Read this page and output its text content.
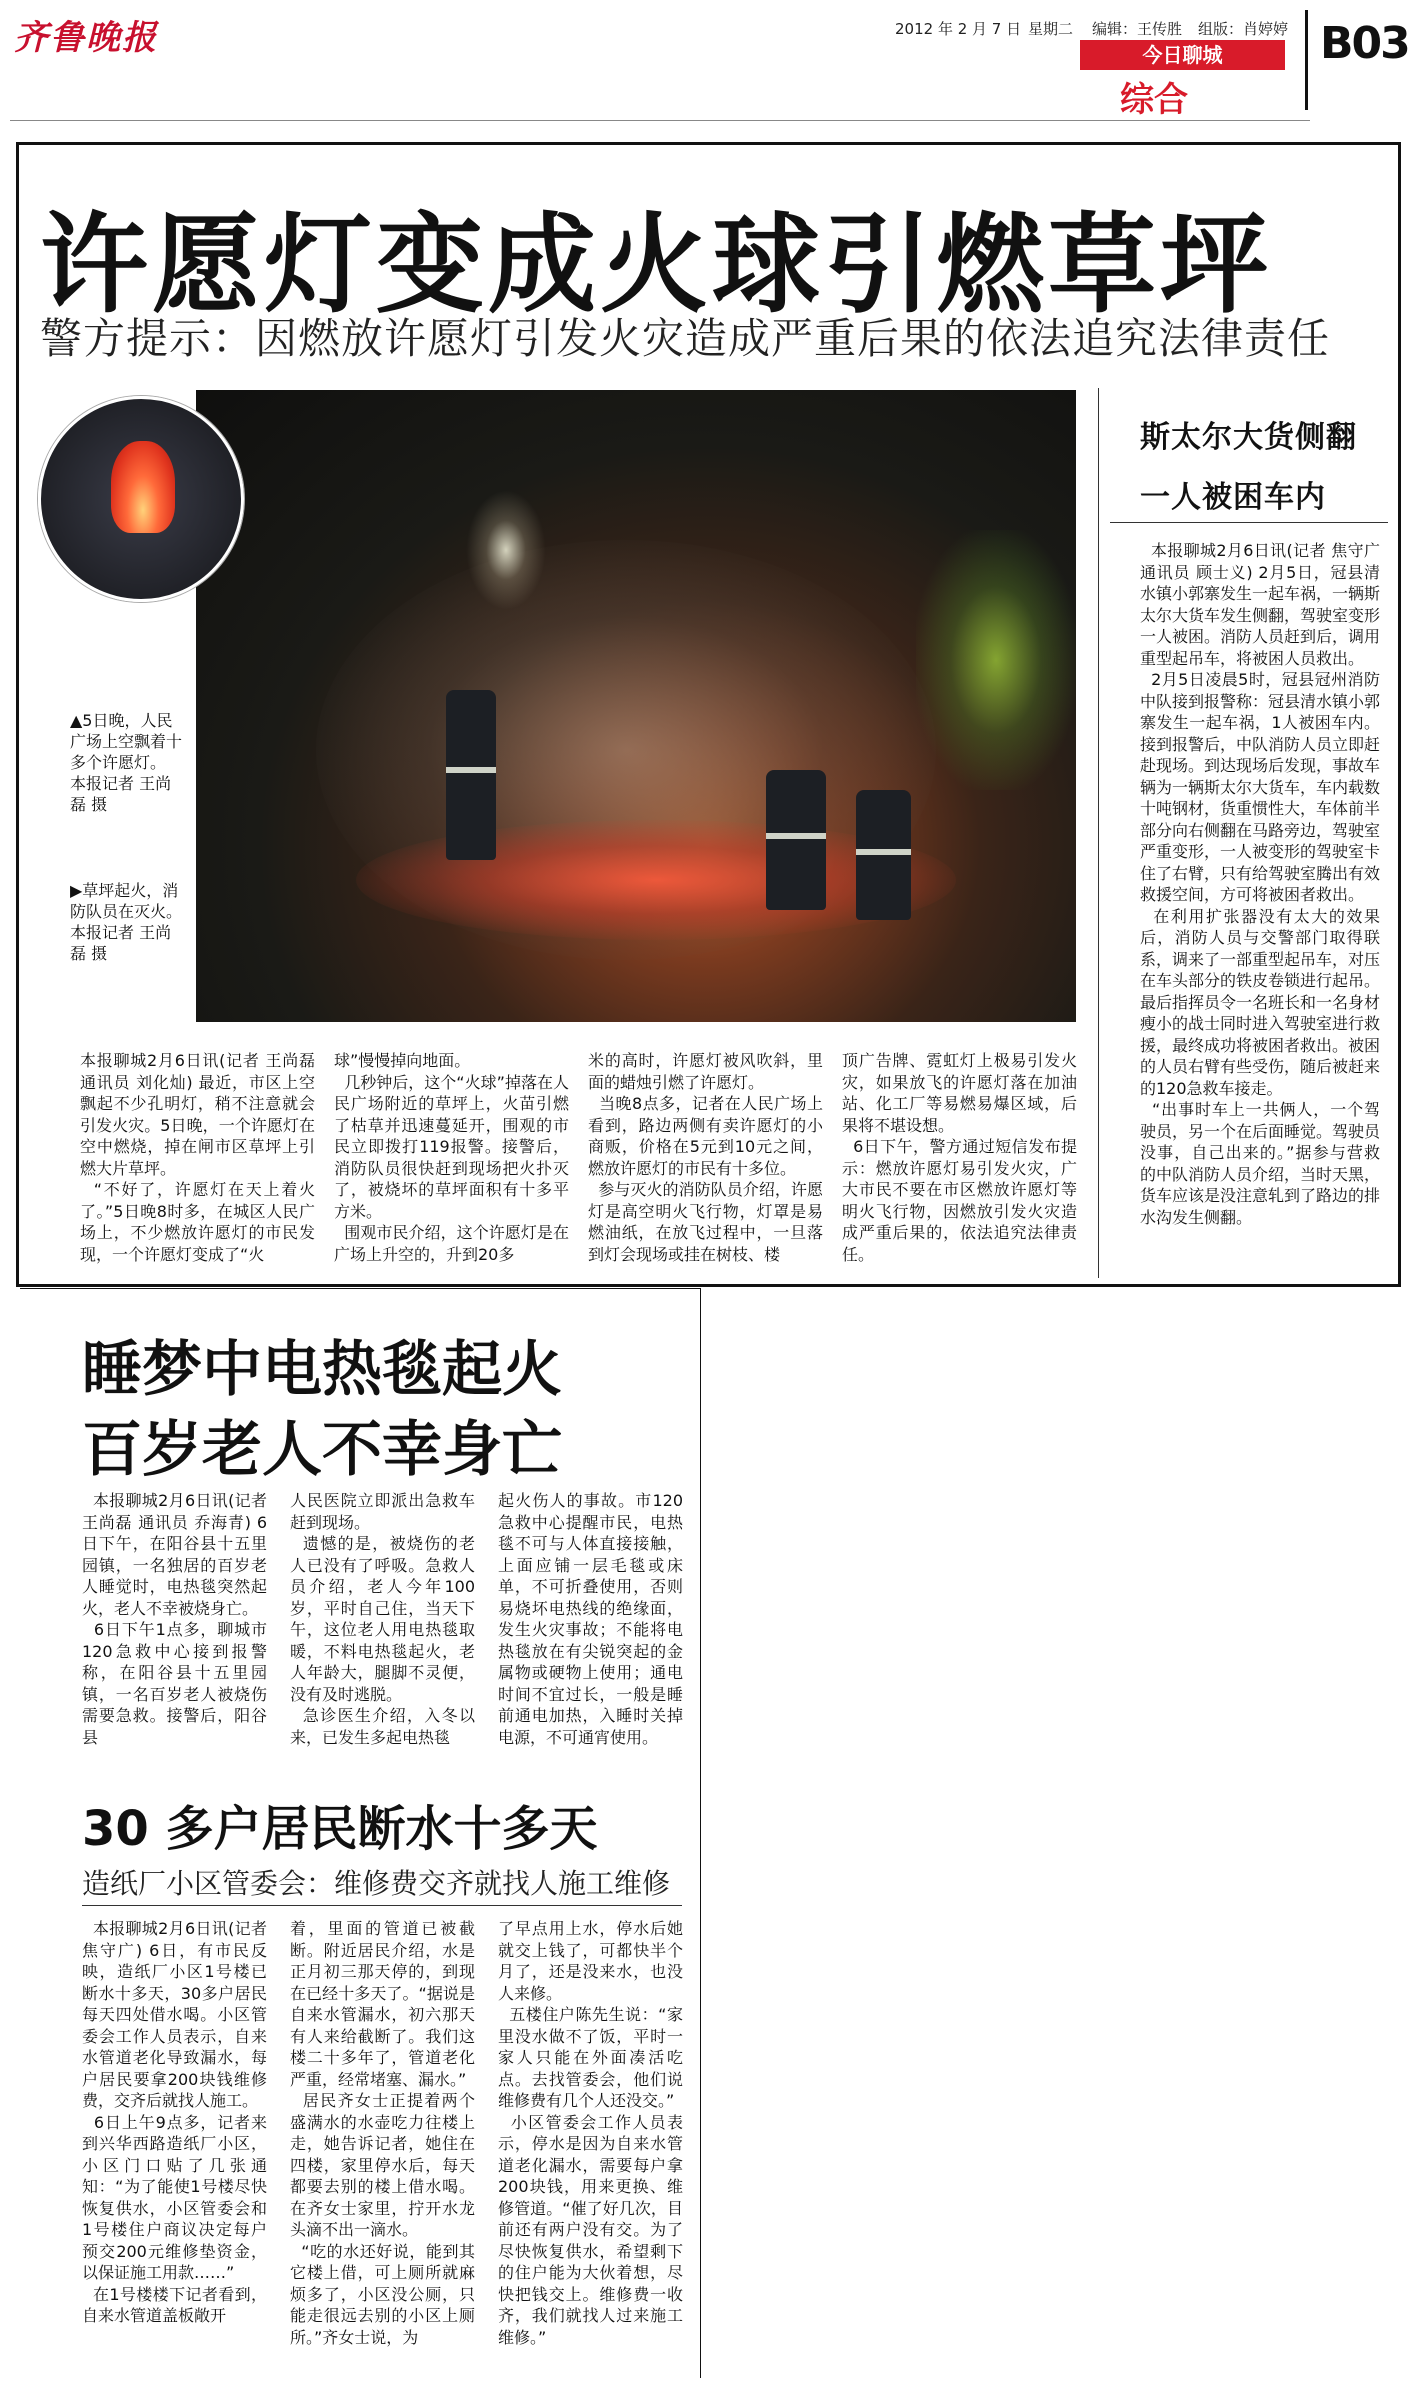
齐鲁晚报	2012 年 2 月 7 日 星期二 编辑：王传胜 组版：肖婷婷
今日聊城
综合
B03
许愿灯变成火球引燃草坪
警方提示：因燃放许愿灯引发火灾造成严重后果的依法追究法律责任
▲5日晚，人民广场上空飘着十多个许愿灯。
本报记者 王尚磊 摄
▶草坪起火，消防队员在灭火。
本报记者 王尚磊 摄
本报聊城2月6日讯(记者 王尚磊 通讯员 刘化灿) 最近，市区上空飘起不少孔明灯，稍不注意就会引发火灾。5日晚，一个许愿灯在空中燃烧，掉在闸市区草坪上引燃大片草坪。
“不好了，许愿灯在天上着火了。”5日晚8时多，在城区人民广场上，不少燃放许愿灯的市民发现，一个许愿灯变成了“火
球”慢慢掉向地面。
几秒钟后，这个“火球”掉落在人民广场附近的草坪上，火苗引燃了枯草并迅速蔓延开，围观的市民立即拨打119报警。接警后，消防队员很快赶到现场把火扑灭了，被烧坏的草坪面积有十多平方米。
围观市民介绍，这个许愿灯是在广场上升空的，升到20多
米的高时，许愿灯被风吹斜，里面的蜡烛引燃了许愿灯。
当晚8点多，记者在人民广场上看到，路边两侧有卖许愿灯的小商贩，价格在5元到10元之间，燃放许愿灯的市民有十多位。
参与灭火的消防队员介绍，许愿灯是高空明火飞行物，灯罩是易燃油纸，在放飞过程中，一旦落到灯会现场或挂在树枝、楼
顶广告牌、霓虹灯上极易引发火灾，如果放飞的许愿灯落在加油站、化工厂等易燃易爆区域，后果将不堪设想。
6日下午，警方通过短信发布提示：燃放许愿灯易引发火灾，广大市民不要在市区燃放许愿灯等明火飞行物，因燃放引发火灾造成严重后果的，依法追究法律责任。
斯太尔大货侧翻
一人被困车内
本报聊城2月6日讯(记者 焦守广 通讯员 顾士义) 2月5日，冠县清水镇小郭寨发生一起车祸，一辆斯太尔大货车发生侧翻，驾驶室变形一人被困。消防人员赶到后，调用重型起吊车，将被困人员救出。
2月5日凌晨5时，冠县冠州消防中队接到报警称：冠县清水镇小郭寨发生一起车祸，1人被困车内。接到报警后，中队消防人员立即赶赴现场。到达现场后发现，事故车辆为一辆斯太尔大货车，车内载数十吨钢材，货重惯性大，车体前半部分向右侧翻在马路旁边，驾驶室严重变形，一人被变形的驾驶室卡住了右臂，只有给驾驶室腾出有效救援空间，方可将被困者救出。
在利用扩张器没有太大的效果后，消防人员与交警部门取得联系，调来了一部重型起吊车，对压在车头部分的铁皮卷锁进行起吊。最后指挥员令一名班长和一名身材瘦小的战士同时进入驾驶室进行救援，最终成功将被困者救出。被困的人员右臂有些受伤，随后被赶来的120急救车接走。
“出事时车上一共俩人，一个驾驶员，另一个在后面睡觉。驾驶员没事，自己出来的。”据参与营救的中队消防人员介绍，当时天黑，货车应该是没注意轧到了路边的排水沟发生侧翻。
睡梦中电热毯起火
百岁老人不幸身亡
本报聊城2月6日讯(记者 王尚磊 通讯员 乔海青) 6日下午，在阳谷县十五里园镇，一名独居的百岁老人睡觉时，电热毯突然起火，老人不幸被烧身亡。
6日下午1点多，聊城市120急救中心接到报警称，在阳谷县十五里园镇，一名百岁老人被烧伤需要急救。接警后，阳谷县
人民医院立即派出急救车赶到现场。
遗憾的是，被烧伤的老人已没有了呼吸。急救人员介绍，老人今年100岁，平时自己住，当天下午，这位老人用电热毯取暖，不料电热毯起火，老人年龄大，腿脚不灵便，没有及时逃脱。
急诊医生介绍，入冬以来，已发生多起电热毯
起火伤人的事故。市120急救中心提醒市民，电热毯不可与人体直接接触，上面应铺一层毛毯或床单，不可折叠使用，否则易烧坏电热线的绝缘面，发生火灾事故；不能将电热毯放在有尖锐突起的金属物或硬物上使用；通电时间不宜过长，一般是睡前通电加热，入睡时关掉电源，不可通宵使用。
30 多户居民断水十多天
造纸厂小区管委会：维修费交齐就找人施工维修
本报聊城2月6日讯(记者 焦守广) 6日，有市民反映，造纸厂小区1号楼已断水十多天，30多户居民每天四处借水喝。小区管委会工作人员表示，自来水管道老化导致漏水，每户居民要拿200块钱维修费，交齐后就找人施工。
6日上午9点多，记者来到兴华西路造纸厂小区，小区门口贴了几张通知：“为了能使1号楼尽快恢复供水，小区管委会和1号楼住户商议决定每户预交200元维修垫资金，以保证施工用款……”
在1号楼楼下记者看到，自来水管道盖板敞开
着，里面的管道已被截断。附近居民介绍，水是正月初三那天停的，到现在已经十多天了。“据说是自来水管漏水，初六那天有人来给截断了。我们这楼二十多年了，管道老化严重，经常堵塞、漏水。”
居民齐女士正提着两个盛满水的水壶吃力往楼上走，她告诉记者，她住在四楼，家里停水后，每天都要去别的楼上借水喝。在齐女士家里，拧开水龙头滴不出一滴水。
“吃的水还好说，能到其它楼上借，可上厕所就麻烦多了，小区没公厕，只能走很远去别的小区上厕所。”齐女士说，为
了早点用上水，停水后她就交上钱了，可都快半个月了，还是没来水，也没人来修。
五楼住户陈先生说：“家里没水做不了饭，平时一家人只能在外面凑活吃点。去找管委会，他们说维修费有几个人还没交。”
小区管委会工作人员表示，停水是因为自来水管道老化漏水，需要每户拿200块钱，用来更换、维修管道。“催了好几次，目前还有两户没有交。为了尽快恢复供水，希望剩下的住户能为大伙着想，尽快把钱交上。维修费一收齐，我们就找人过来施工维修。”
